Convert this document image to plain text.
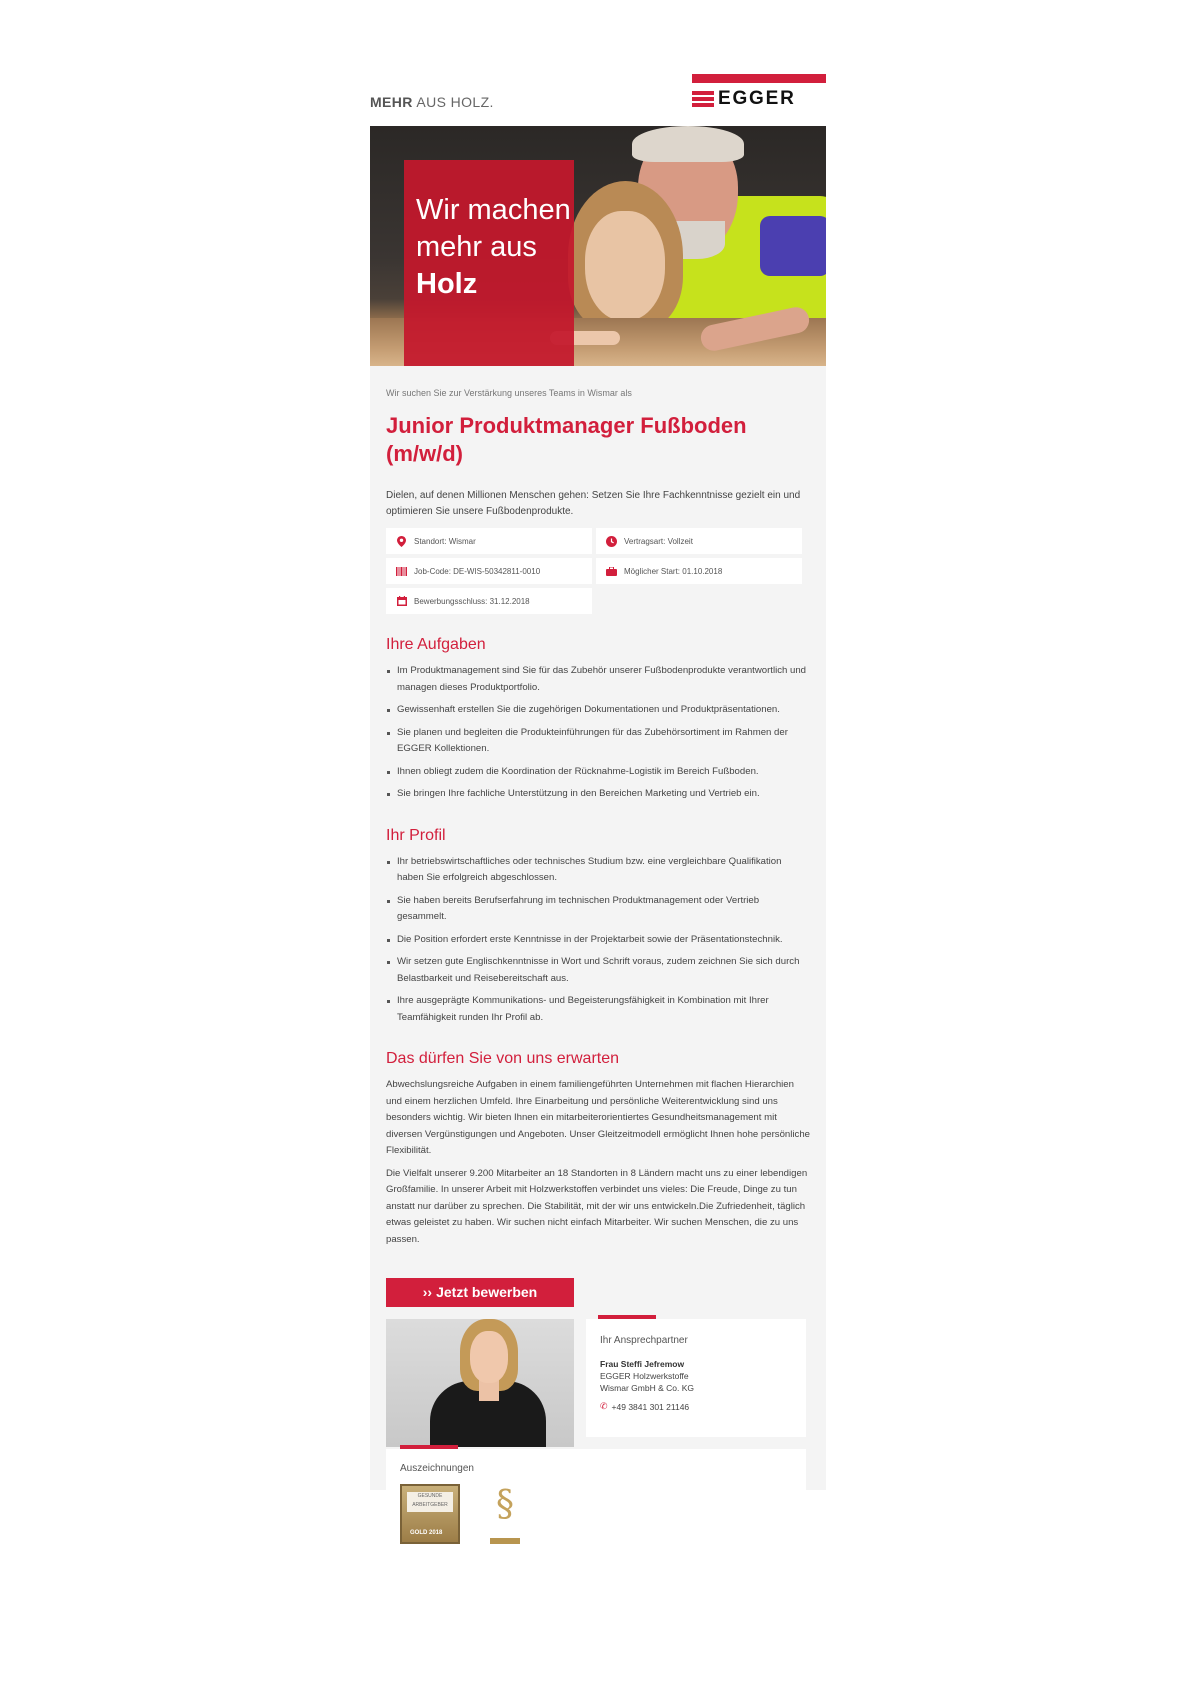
MEHR AUS HOLZ.	EGGER
Wir machen
mehr aus
Holz
Wir suchen Sie zur Verstärkung unseres Teams in Wismar als
Junior Produktmanager Fußboden (m/w/d)
Dielen, auf denen Millionen Menschen gehen: Setzen Sie Ihre Fachkenntnisse gezielt ein und optimieren Sie unsere Fußbodenprodukte.
Standort: Wismar	Vertragsart: Vollzeit
Job-Code: DE-WIS-50342811-0010	Möglicher Start: 01.10.2018
Bewerbungsschluss: 31.12.2018
Ihre Aufgaben
Im Produktmanagement sind Sie für das Zubehör unserer Fußbodenprodukte verantwortlich und managen dieses Produktportfolio.
Gewissenhaft erstellen Sie die zugehörigen Dokumentationen und Produktpräsentationen.
Sie planen und begleiten die Produkteinführungen für das Zubehörsortiment im Rahmen der EGGER Kollektionen.
Ihnen obliegt zudem die Koordination der Rücknahme-Logistik im Bereich Fußboden.
Sie bringen Ihre fachliche Unterstützung in den Bereichen Marketing und Vertrieb ein.
Ihr Profil
Ihr betriebswirtschaftliches oder technisches Studium bzw. eine vergleichbare Qualifikation haben Sie erfolgreich abgeschlossen.
Sie haben bereits Berufserfahrung im technischen Produktmanagement oder Vertrieb gesammelt.
Die Position erfordert erste Kenntnisse in der Projektarbeit sowie der Präsentationstechnik.
Wir setzen gute Englischkenntnisse in Wort und Schrift voraus, zudem zeichnen Sie sich durch Belastbarkeit und Reisebereitschaft aus.
Ihre ausgeprägte Kommunikations- und Begeisterungsfähigkeit in Kombination mit Ihrer Teamfähigkeit runden Ihr Profil ab.
Das dürfen Sie von uns erwarten

Abwechslungsreiche Aufgaben in einem familiengeführten Unternehmen mit flachen Hierarchien und einem herzlichen Umfeld. Ihre Einarbeitung und persönliche Weiterentwicklung sind uns besonders wichtig. Wir bieten Ihnen ein mitarbeiterorientiertes Gesundheitsmanagement mit diversen Vergünstigungen und Angeboten. Unser Gleitzeitmodell ermöglicht Ihnen hohe persönliche Flexibilität.

Die Vielfalt unserer 9.200 Mitarbeiter an 18 Standorten in 8 Ländern macht uns zu einer lebendigen Großfamilie. In unserer Arbeit mit Holzwerkstoffen verbindet uns vieles: Die Freude, Dinge zu tun anstatt nur darüber zu sprechen. Die Stabilität, mit der wir uns entwickeln.Die Zufriedenheit, täglich etwas geleistet zu haben. Wir suchen nicht einfach Mitarbeiter. Wir suchen Menschen, die zu uns passen.

›› Jetzt bewerben
Ihr Ansprechpartner
Frau Steffi Jefremow
EGGER Holzwerkstoffe
Wismar GmbH & Co. KG
✆ +49 3841 301 21146
Auszeichnungen
GESUNDE ARBEITGEBER
GOLD 2018
§
